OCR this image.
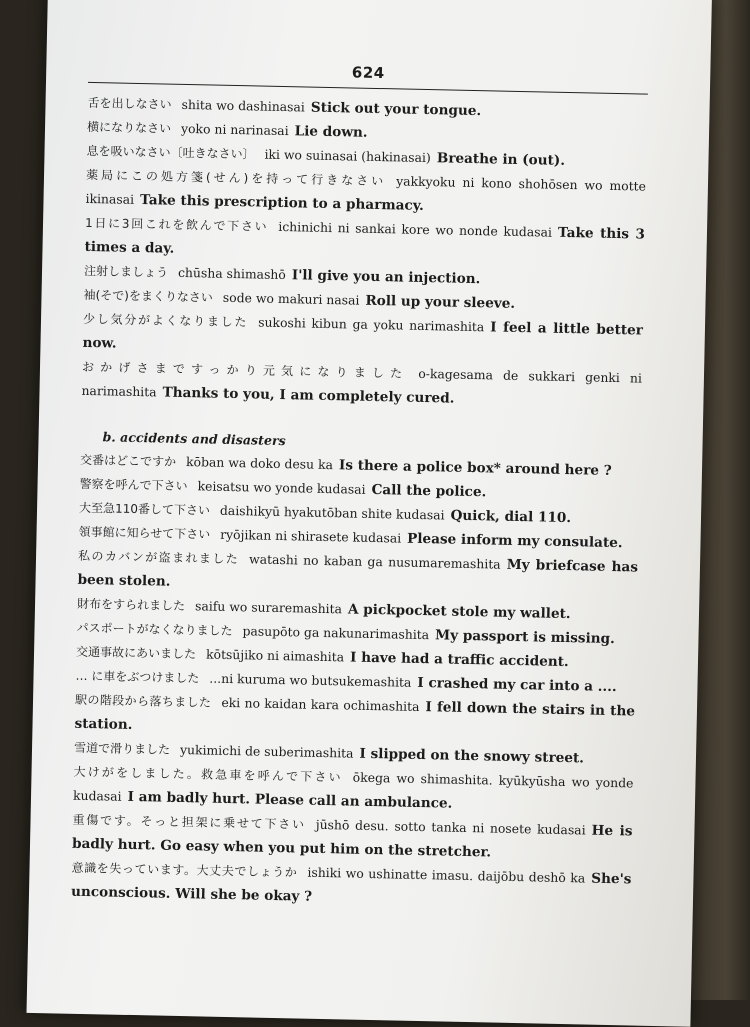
624
舌を出しなさい shita wo dashinasai Stick out your tongue.
横になりなさい yoko ni narinasai Lie down.
息を吸いなさい〔吐きなさい〕 iki wo suinasai (hakinasai) Breathe in (out).
薬局にこの処方箋(せん)を持って行きなさい yakkyoku ni kono shohōsen wo motte ikinasai Take this prescription to a pharmacy.
1日に3回これを飲んで下さい ichinichi ni sankai kore wo nonde kudasai Take this 3 times a day.
注射しましょう chūsha shimashō I'll give you an injection.
袖(そで)をまくりなさい sode wo makuri nasai Roll up your sleeve.
少し気分がよくなりました sukoshi kibun ga yoku narimashita I feel a little better now.
おかげさまですっかり元気になりました o-kagesama de sukkari genki ni narimashita Thanks to you, I am completely cured.
b. accidents and disasters
交番はどこですか kōban wa doko desu ka Is there a police box* around here ?
警察を呼んで下さい keisatsu wo yonde kudasai Call the police.
大至急110番して下さい daishikyū hyakutōban shite kudasai Quick, dial 110.
領事館に知らせて下さい ryōjikan ni shirasete kudasai Please inform my consulate.
私のカバンが盗まれました watashi no kaban ga nusumaremashita My briefcase has been stolen.
財布をすられました saifu wo suraremashita A pickpocket stole my wallet.
パスポートがなくなりました pasupōto ga nakunarimashita My passport is missing.
交通事故にあいました kōtsūjiko ni aimashita I have had a traffic accident.
… に車をぶつけました ...ni kuruma wo butsukemashita I crashed my car into a ....
駅の階段から落ちました eki no kaidan kara ochimashita I fell down the stairs in the station.
雪道で滑りました yukimichi de suberimashita I slipped on the snowy street.
大けがをしました。救急車を呼んで下さい ōkega wo shimashita. kyūkyūsha wo yonde kudasai I am badly hurt. Please call an ambulance.
重傷です。そっと担架に乗せて下さい jūshō desu. sotto tanka ni nosete kudasai He is badly hurt. Go easy when you put him on the stretcher.
意識を失っています。大丈夫でしょうか ishiki wo ushinatte imasu. daijōbu deshō ka She's unconscious. Will she be okay ?
